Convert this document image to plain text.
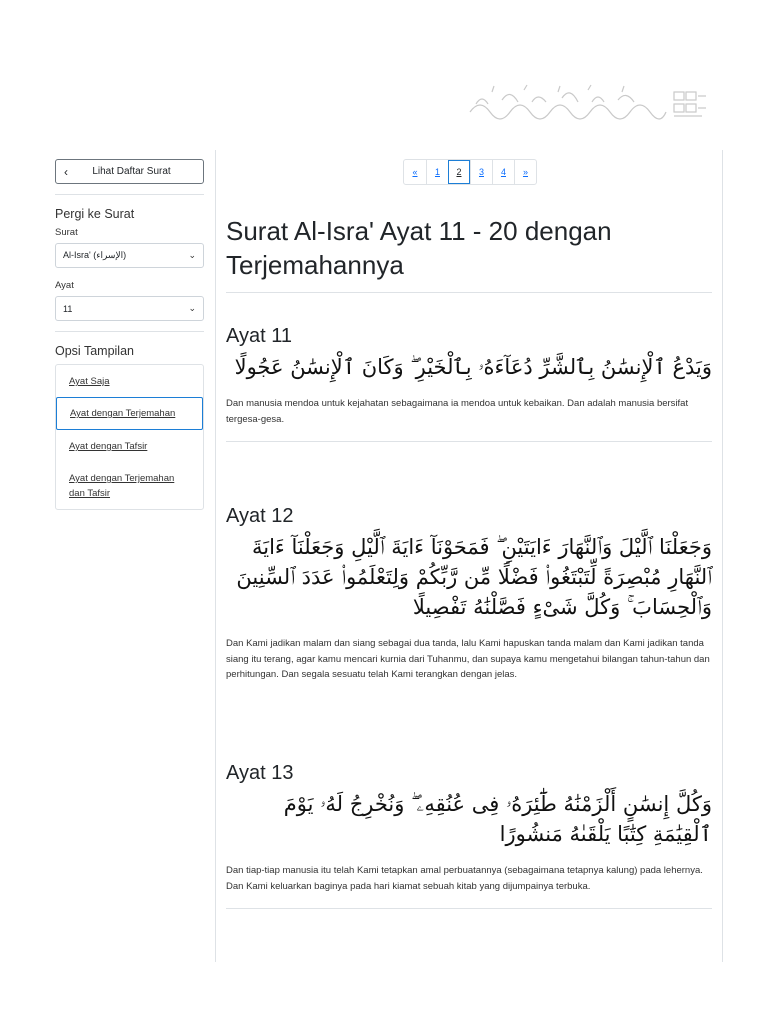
‹	Lihat Daftar Surat
Pergi ke Surat
Surat
Al-Isra' (الإسراء)	⌄
Ayat
11	⌄
Opsi Tampilan
Ayat Saja
Ayat dengan Terjemahan
Ayat dengan Tafsir
Ayat dengan Terjemahan dan Tafsir
«	1	2	3	4	»
Surat Al-Isra' Ayat 11 - 20 dengan Terjemahannya
Ayat 11
وَيَدْعُ ٱلْإِنسَٰنُ بِٱلشَّرِّ دُعَآءَهُۥ بِٱلْخَيْرِ ۖ وَكَانَ ٱلْإِنسَٰنُ عَجُولًا
Dan manusia mendoa untuk kejahatan sebagaimana ia mendoa untuk kebaikan. Dan adalah manusia bersifat tergesa-gesa.
Ayat 12
وَجَعَلْنَا ٱلَّيْلَ وَٱلنَّهَارَ ءَايَتَيْنِ ۖ فَمَحَوْنَآ ءَايَةَ ٱلَّيْلِ وَجَعَلْنَآ ءَايَةَ ٱلنَّهَارِ مُبْصِرَةً لِّتَبْتَغُوا۟ فَضْلًا مِّن رَّبِّكُمْ وَلِتَعْلَمُوا۟ عَدَدَ ٱلسِّنِينَ وَٱلْحِسَابَ ۚ وَكُلَّ شَىْءٍ فَصَّلْنَٰهُ تَفْصِيلًا
Dan Kami jadikan malam dan siang sebagai dua tanda, lalu Kami hapuskan tanda malam dan Kami jadikan tanda siang itu terang, agar kamu mencari kurnia dari Tuhanmu, dan supaya kamu mengetahui bilangan tahun-tahun dan perhitungan. Dan segala sesuatu telah Kami terangkan dengan jelas.
Ayat 13
وَكُلَّ إِنسَٰنٍ أَلْزَمْنَٰهُ طَٰٓئِرَهُۥ فِى عُنُقِهِۦ ۖ وَنُخْرِجُ لَهُۥ يَوْمَ ٱلْقِيَٰمَةِ كِتَٰبًا يَلْقَىٰهُ مَنشُورًا
Dan tiap-tiap manusia itu telah Kami tetapkan amal perbuatannya (sebagaimana tetapnya kalung) pada lehernya. Dan Kami keluarkan baginya pada hari kiamat sebuah kitab yang dijumpainya terbuka.
